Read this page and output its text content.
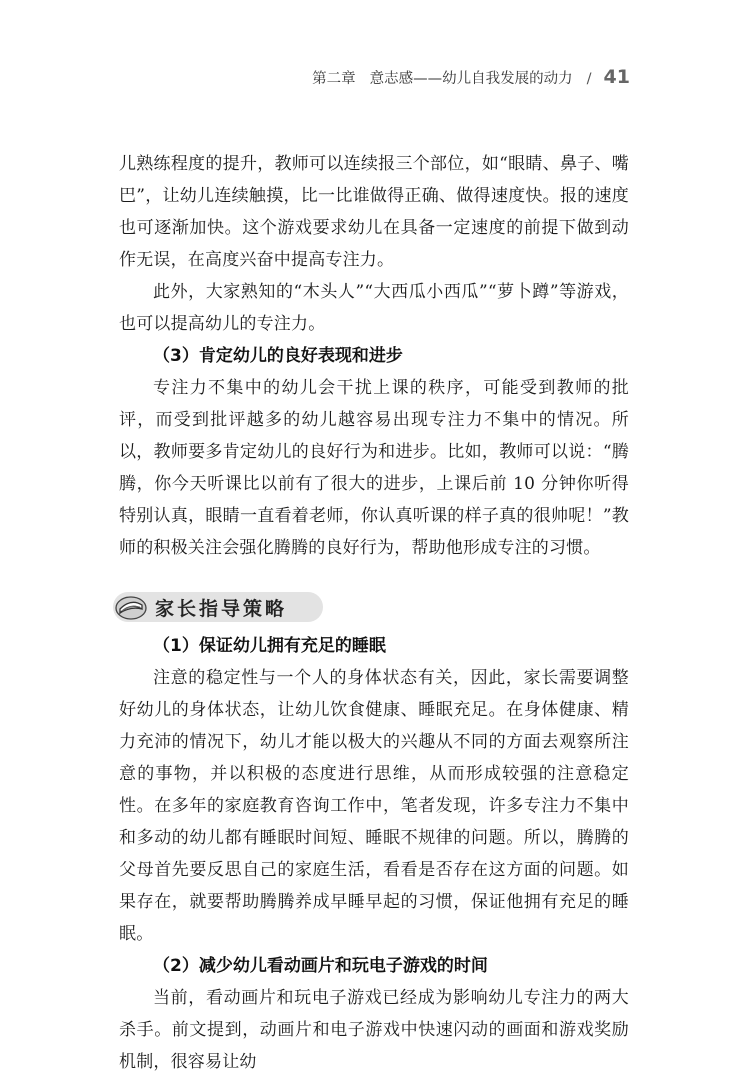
第二章 意志感——幼儿自我发展的动力 / 41

儿熟练程度的提升，教师可以连续报三个部位，如“眼睛、鼻子、嘴巴”，让幼儿连续触摸，比一比谁做得正确、做得速度快。报的速度也可逐渐加快。这个游戏要求幼儿在具备一定速度的前提下做到动作无误，在高度兴奋中提高专注力。

此外，大家熟知的“木头人”“大西瓜小西瓜”“萝卜蹲”等游戏，也可以提高幼儿的专注力。

（3）肯定幼儿的良好表现和进步

专注力不集中的幼儿会干扰上课的秩序，可能受到教师的批评，而受到批评越多的幼儿越容易出现专注力不集中的情况。所以，教师要多肯定幼儿的良好行为和进步。比如，教师可以说：“腾腾，你今天听课比以前有了很大的进步，上课后前 10 分钟你听得特别认真，眼睛一直看着老师，你认真听课的样子真的很帅呢！”教师的积极关注会强化腾腾的良好行为，帮助他形成专注的习惯。

家长指导策略
（1）保证幼儿拥有充足的睡眠

注意的稳定性与一个人的身体状态有关，因此，家长需要调整好幼儿的身体状态，让幼儿饮食健康、睡眠充足。在身体健康、精力充沛的情况下，幼儿才能以极大的兴趣从不同的方面去观察所注意的事物，并以积极的态度进行思维，从而形成较强的注意稳定性。在多年的家庭教育咨询工作中，笔者发现，许多专注力不集中和多动的幼儿都有睡眠时间短、睡眠不规律的问题。所以，腾腾的父母首先要反思自己的家庭生活，看看是否存在这方面的问题。如果存在，就要帮助腾腾养成早睡早起的习惯，保证他拥有充足的睡眠。

（2）减少幼儿看动画片和玩电子游戏的时间

当前，看动画片和玩电子游戏已经成为影响幼儿专注力的两大杀手。前文提到，动画片和电子游戏中快速闪动的画面和游戏奖励机制，很容易让幼
